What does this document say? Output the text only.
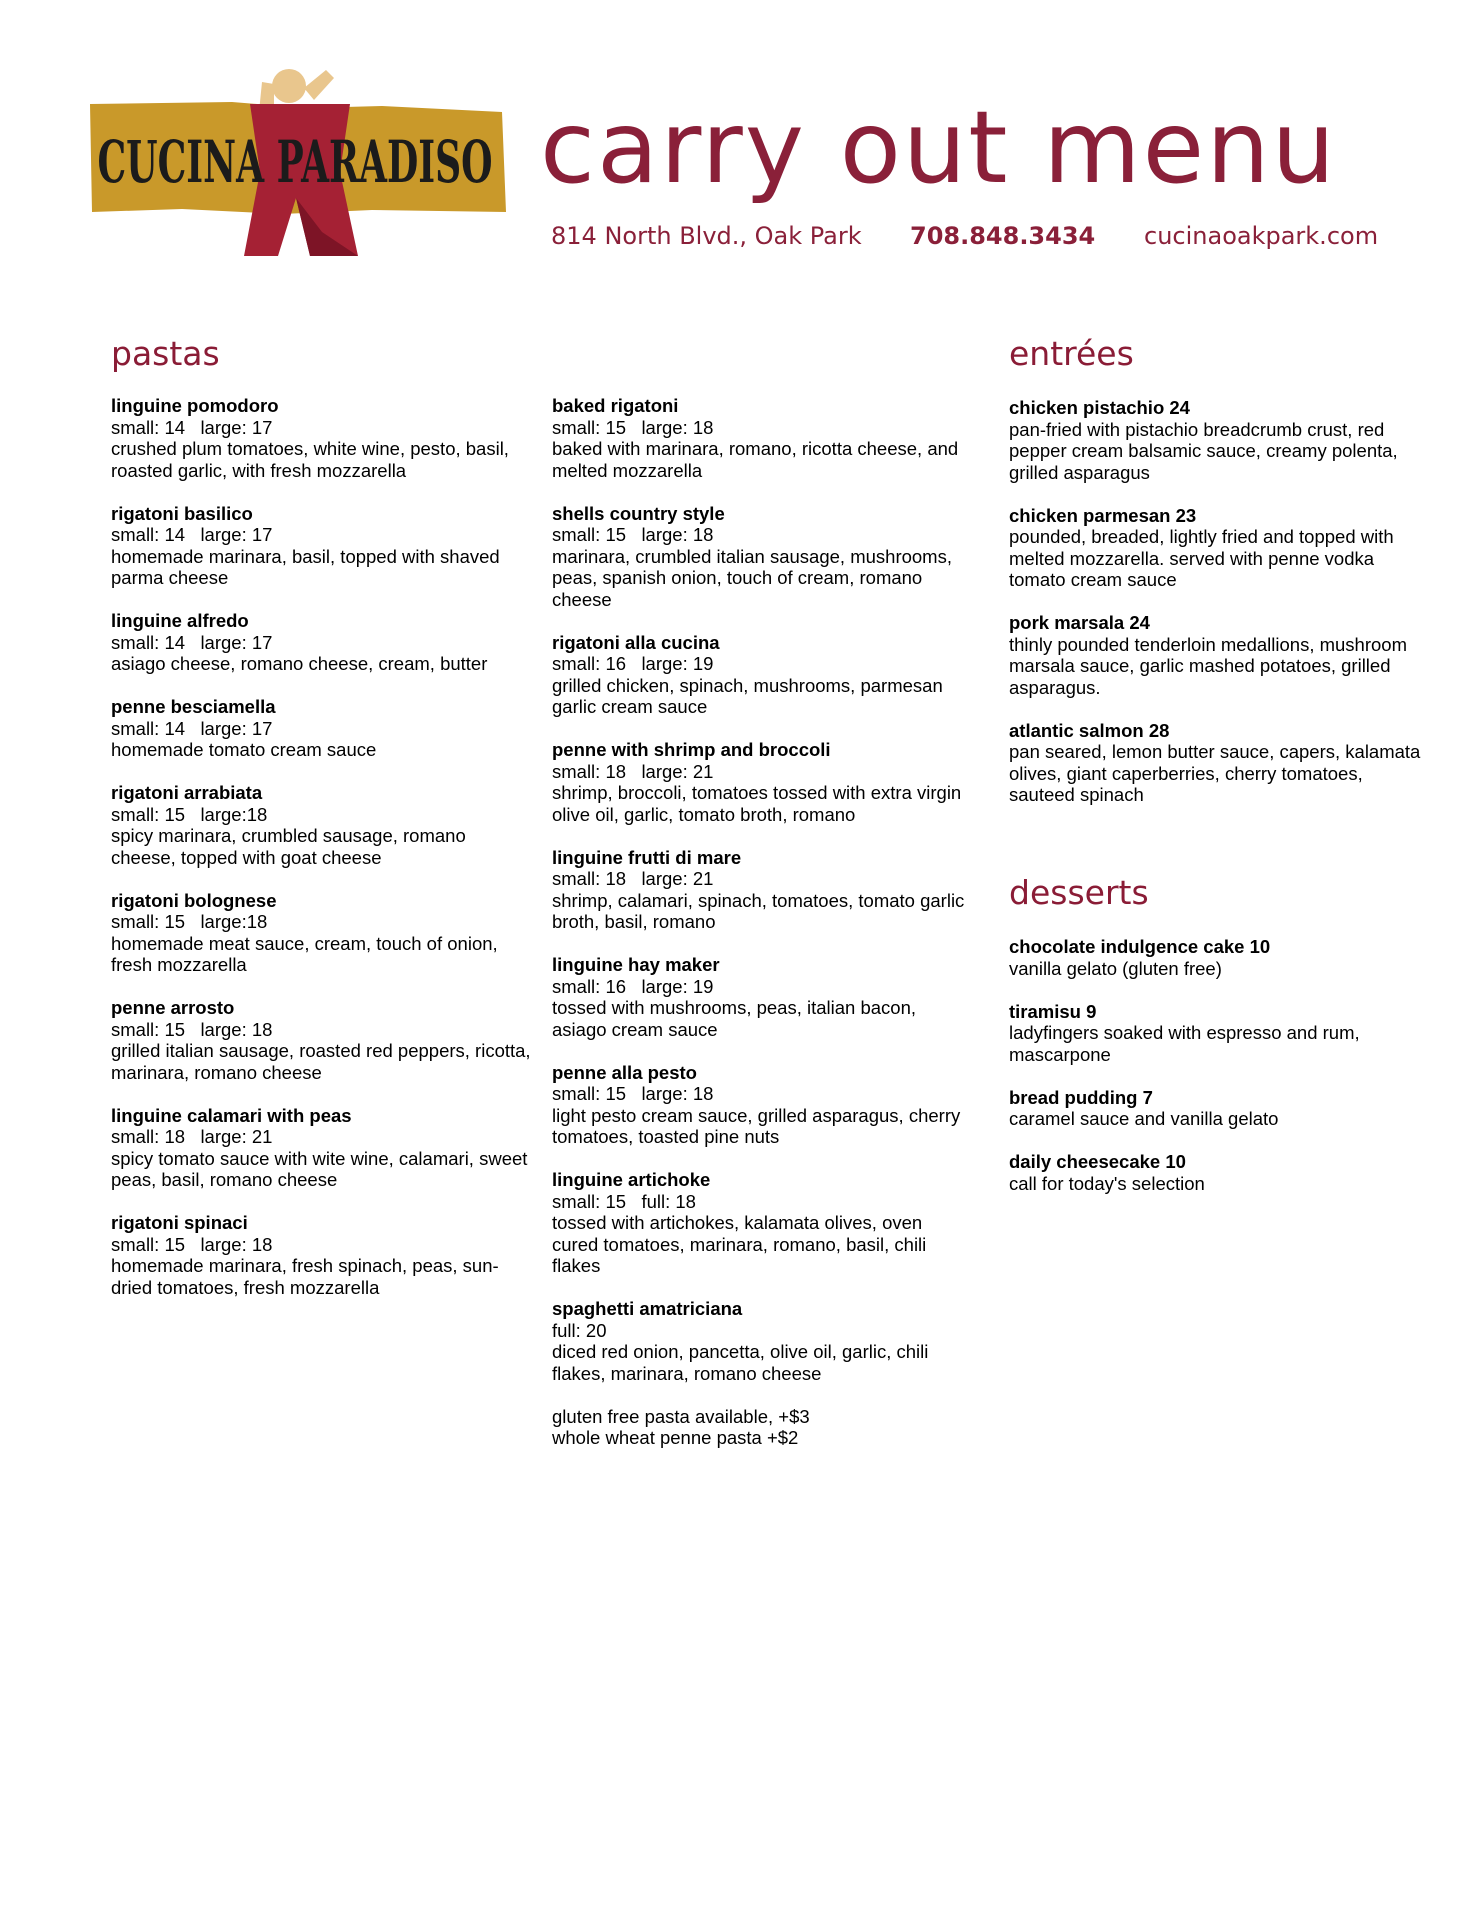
CUCINA PARADISO carry out menu
814 North Blvd., Oak Park 708.848.3434 cucinaoakpark.com
pastas
linguine pomodoro
small: 14   large: 17
crushed plum tomatoes, white wine, pesto, basil, roasted garlic, with fresh mozzarella
rigatoni basilico
small: 14   large: 17
homemade marinara, basil, topped with shaved parma cheese
linguine alfredo
small: 14   large: 17
asiago cheese, romano cheese, cream, butter
penne besciamella
small: 14   large: 17
homemade tomato cream sauce
rigatoni arrabiata
small: 15   large:18
spicy marinara, crumbled sausage, romano cheese, topped with goat cheese
rigatoni bolognese
small: 15   large:18
homemade meat sauce, cream, touch of onion, fresh mozzarella
penne arrosto
small: 15   large: 18
grilled italian sausage, roasted red peppers, ricotta, marinara, romano cheese
linguine calamari with peas
small: 18   large: 21
spicy tomato sauce with wite wine, calamari, sweet peas, basil, romano cheese
rigatoni spinaci
small: 15   large: 18
homemade marinara, fresh spinach, peas, sun-dried tomatoes, fresh mozzarella
baked rigatoni
small: 15   large: 18
baked with marinara, romano, ricotta cheese, and melted mozzarella
shells country style
small: 15   large: 18
marinara, crumbled italian sausage, mushrooms, peas, spanish onion, touch of cream, romano cheese
rigatoni alla cucina
small: 16   large: 19
grilled chicken, spinach, mushrooms, parmesan garlic cream sauce
penne with shrimp and broccoli
small: 18   large: 21
shrimp, broccoli, tomatoes tossed with extra virgin olive oil, garlic, tomato broth, romano
linguine frutti di mare
small: 18   large: 21
shrimp, calamari, spinach, tomatoes, tomato garlic broth, basil, romano
linguine hay maker
small: 16   large: 19
tossed with mushrooms, peas, italian bacon, asiago cream sauce
penne alla pesto
small: 15   large: 18
light pesto cream sauce, grilled asparagus, cherry tomatoes, toasted pine nuts
linguine artichoke
small: 15   full: 18
tossed with artichokes, kalamata olives, oven cured tomatoes, marinara, romano, basil, chili flakes
spaghetti amatriciana
full: 20
diced red onion, pancetta, olive oil, garlic, chili flakes, marinara, romano cheese
gluten free pasta available, +$3
whole wheat penne pasta +$2
entrées
chicken pistachio 24
pan-fried with pistachio breadcrumb crust, red pepper cream balsamic sauce, creamy polenta, grilled asparagus
chicken parmesan 23
pounded, breaded, lightly fried and topped with melted mozzarella. served with penne vodka tomato cream sauce
pork marsala 24
thinly pounded tenderloin medallions, mushroom marsala sauce, garlic mashed potatoes, grilled asparagus.
atlantic salmon 28
pan seared, lemon butter sauce, capers, kalamata olives, giant caperberries, cherry tomatoes, sauteed spinach
desserts
chocolate indulgence cake 10
vanilla gelato (gluten free)
tiramisu 9
ladyfingers soaked with espresso and rum, mascarpone
bread pudding 7
caramel sauce and vanilla gelato
daily cheesecake 10
call for today's selection
